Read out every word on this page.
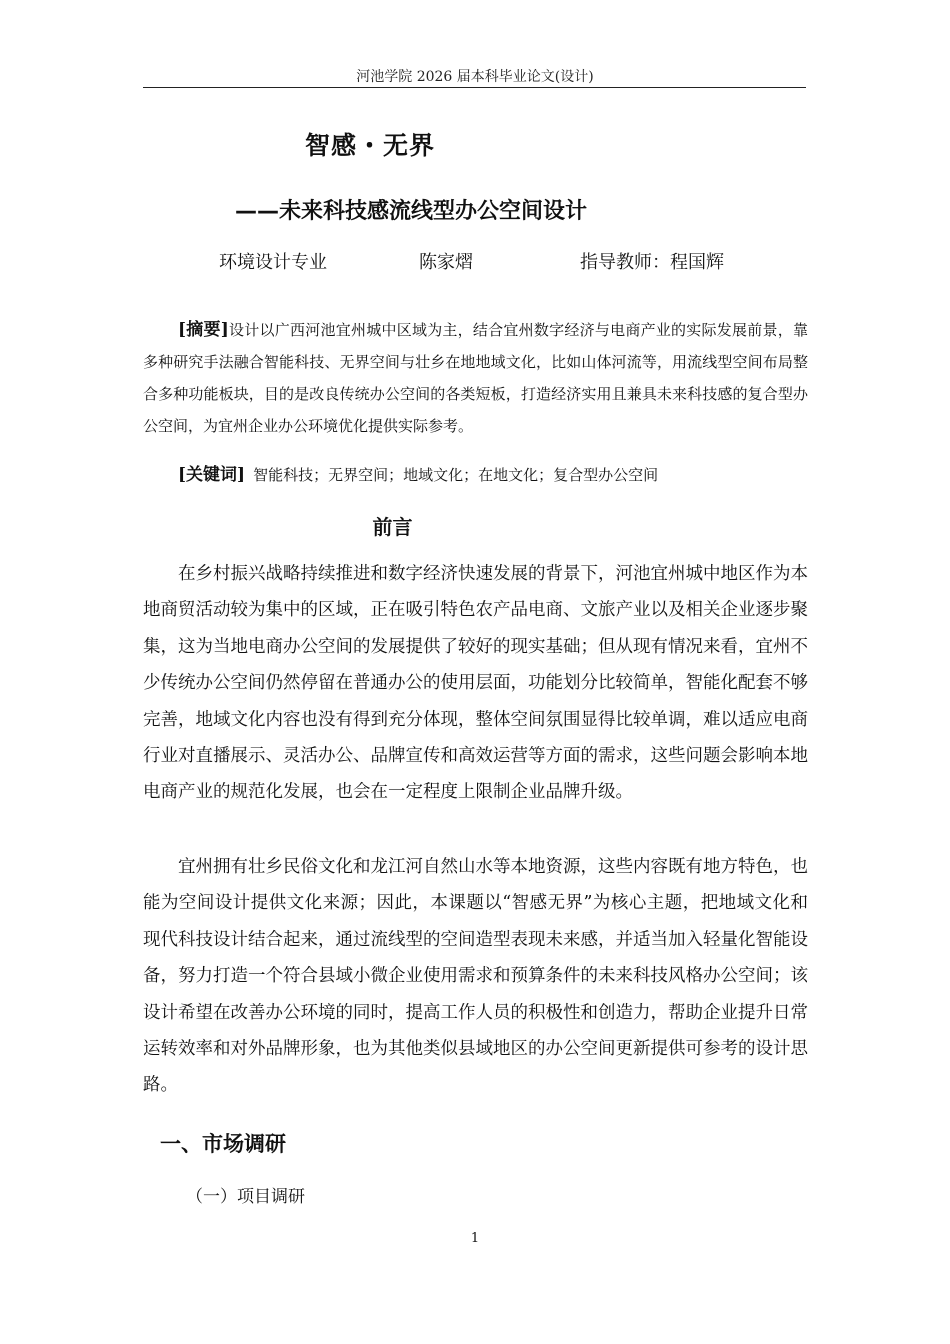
河池学院 2026 届本科毕业论文(设计)
智感・无界
——未来科技感流线型办公空间设计
环境设计专业	陈家熠	指导教师：程国辉
[摘要]设计以广西河池宜州城中区域为主，结合宜州数字经济与电商产业的实际发展前景，靠多种研究手法融合智能科技、无界空间与壮乡在地地域文化，比如山体河流等，用流线型空间布局整合多种功能板块，目的是改良传统办公空间的各类短板，打造经济实用且兼具未来科技感的复合型办公空间，为宜州企业办公环境优化提供实际参考。
[关键词] 智能科技；无界空间；地域文化；在地文化；复合型办公空间
前言

在乡村振兴战略持续推进和数字经济快速发展的背景下，河池宜州城中地区作为本地商贸活动较为集中的区域，正在吸引特色农产品电商、文旅产业以及相关企业逐步聚集，这为当地电商办公空间的发展提供了较好的现实基础；但从现有情况来看，宜州不少传统办公空间仍然停留在普通办公的使用层面，功能划分比较简单，智能化配套不够完善，地域文化内容也没有得到充分体现，整体空间氛围显得比较单调，难以适应电商行业对直播展示、灵活办公、品牌宣传和高效运营等方面的需求，这些问题会影响本地电商产业的规范化发展，也会在一定程度上限制企业品牌升级。

宜州拥有壮乡民俗文化和龙江河自然山水等本地资源，这些内容既有地方特色，也能为空间设计提供文化来源；因此，本课题以“智感无界”为核心主题，把地域文化和现代科技设计结合起来，通过流线型的空间造型表现未来感，并适当加入轻量化智能设备，努力打造一个符合县域小微企业使用需求和预算条件的未来科技风格办公空间；该设计希望在改善办公环境的同时，提高工作人员的积极性和创造力，帮助企业提升日常运转效率和对外品牌形象，也为其他类似县域地区的办公空间更新提供可参考的设计思路。

一、市场调研
（一）项目调研
1
